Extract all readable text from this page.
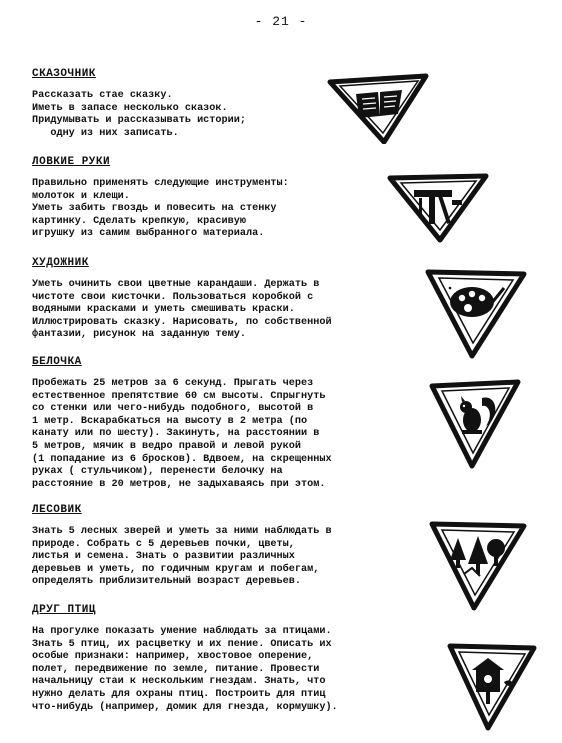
- 21 -
СКАЗОЧНИК
Рассказать стае сказку.
Иметь в запасе несколько сказок.
Придумывать и рассказывать истории;
одну из них записать.
ЛОВКИЕ РУКИ
Правильно применять следующие инструменты:
молоток и клещи.
Уметь забить гвоздь и повесить на стенку
картинку. Сделать крепкую, красивую
игрушку из самим выбранного материала.
ХУДОЖНИК
Уметь очинить свои цветные карандаши. Держать в
чистоте свои кисточки. Пользоваться коробкой с
водяными красками и уметь смешивать краски.
Иллюстрировать сказку. Нарисовать, по собственной
фантазии, рисунок на заданную тему.
БЕЛОЧКА
Пробежать 25 метров за 6 секунд. Прыгать через
естественное препятствие 60 см высоты. Спрыгнуть
со стенки или чего-нибудь подобного, высотой в
1 метр. Вскарабкаться на высоту в 2 метра (по
канату или по шесту). Закинуть, на расстоянии в
5 метров, мячик в ведро правой и левой рукой
(1 попадание из 6 бросков). Вдвоем, на скрещенных
руках ( стульчиком), перенести белочку на
расстояние в 20 метров, не задыхаваясь при этом.
ЛЕСОВИК
Знать 5 лесных зверей и уметь за ними наблюдать в
природе. Собрать с 5 деревьев почки, цветы,
листья и семена. Знать о развитии различных
деревьев и уметь, по годичным кругам и побегам,
определять приблизительный возраст деревьев.
ДРУГ ПТИЦ
На прогулке показать умение наблюдать за птицами.
Знать 5 птиц, их расцветку и их пение. Описать их
особые признаки: например, хвостовое оперение,
полет, передвижение по земле, питание. Провести
начальницу стаи к нескольким гнездам. Знать, что
нужно делать для охраны птиц. Построить для птиц
что-нибудь (например, домик для гнезда, кормушку).
